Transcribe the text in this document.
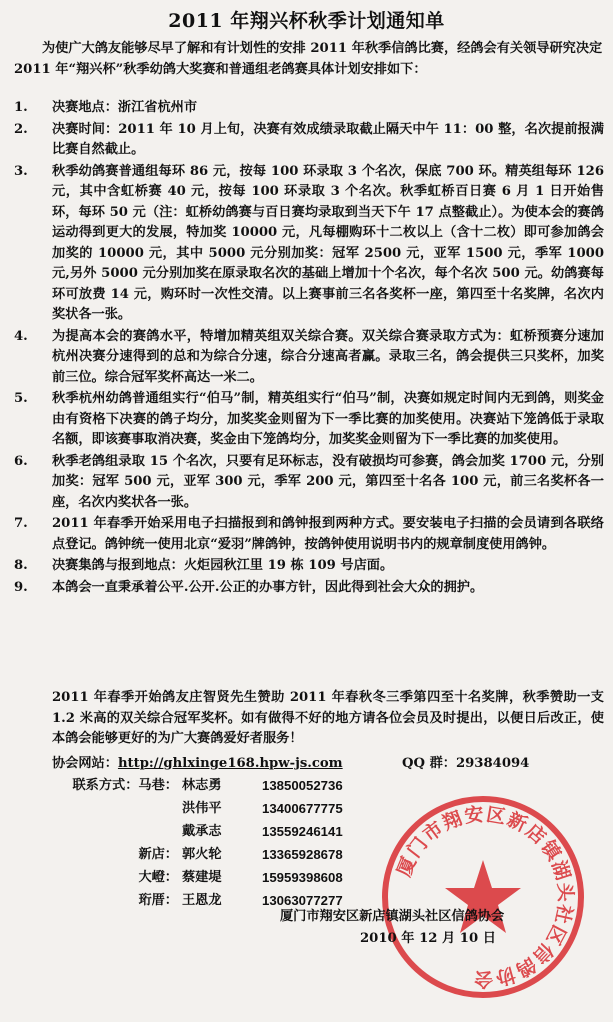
2011 年翔兴杯秋季计划通知单
为使广大鸽友能够尽早了解和有计划性的安排 2011 年秋季信鸽比赛，经鸽会有关领导研究决定 2011 年“翔兴杯”秋季幼鸽大奖赛和普通组老鸽赛具体计划安排如下：
1.	决赛地点：浙江省杭州市
2.	决赛时间：2011 年 10 月上旬，决赛有效成绩录取截止隔天中午 11：00 整，名次提前报满比赛自然截止。
3.	秋季幼鸽赛普通组每环 86 元，按每 100 环录取 3 个名次，保底 700 环。精英组每环 126 元，其中含虹桥赛 40 元，按每 100 环录取 3 个名次。秋季虹桥百日赛 6 月 1 日开始售环，每环 50 元（注：虹桥幼鸽赛与百日赛均录取到当天下午 17 点整截止）。为使本会的赛鸽运动得到更大的发展，特加奖 10000 元，凡每棚购环十二枚以上（含十二枚）即可参加鸽会加奖的 10000 元，其中 5000 元分别加奖：冠军 2500 元，亚军 1500 元，季军 1000 元,另外 5000 元分别加奖在原录取名次的基础上增加十个名次，每个名次 500 元。幼鸽赛每环可放费 14 元，购环时一次性交清。以上赛事前三名各奖杯一座，第四至十名奖牌，名次内奖状各一张。
4.	为提高本会的赛鸽水平，特增加精英组双关综合赛。双关综合赛录取方式为：虹桥预赛分速加杭州决赛分速得到的总和为综合分速，综合分速高者赢。录取三名，鸽会提供三只奖杯，加奖前三位。综合冠军奖杯高达一米二。
5.	秋季杭州幼鸽普通组实行“伯马”制，精英组实行“伯马”制，决赛如规定时间内无到鸽，则奖金由有资格下决赛的鸽子均分，加奖奖金则留为下一季比赛的加奖使用。决赛站下笼鸽低于录取名额，即该赛事取消决赛，奖金由下笼鸽均分，加奖奖金则留为下一季比赛的加奖使用。
6.	秋季老鸽组录取 15 个名次，只要有足环标志，没有破损均可参赛，鸽会加奖 1700 元，分别加奖：冠军 500 元，亚军 300 元，季军 200 元，第四至十名各 100 元，前三名奖杯各一座，名次内奖状各一张。
7.	2011 年春季开始采用电子扫描报到和鸽钟报到两种方式。要安装电子扫描的会员请到各联络点登记。鸽钟统一使用北京“爱羽”牌鸽钟，按鸽钟使用说明书内的规章制度使用鸽钟。
8.	决赛集鸽与报到地点：火炬园秋江里 19 栋 109 号店面。
9.	本鸽会一直秉承着公平.公开.公正的办事方针，因此得到社会大众的拥护。
2011 年春季开始鸽友庄智贤先生赞助 2011 年春秋冬三季第四至十名奖牌，秋季赞助一支 1.2 米高的双关综合冠军奖杯。如有做得不好的地方请各位会员及时提出，以便日后改正，使本鸽会能够更好的为广大赛鸽爱好者服务！
协会网站：http://ghlxinge168.hpw-js.com	QQ 群：29384094
联系方式：马巷： 林志勇	13850052736
洪伟平	13400677775
戴承志	13559246141
新店： 郭火轮	13365928678
大嶝： 蔡建堤	15959398608
珩厝： 王恩龙	13063077277
厦门市翔安区新店镇湖头社区信鸽协会
厦门市翔安区新店镇湖头社区信鸽协会
2010 年 12 月 10 日
